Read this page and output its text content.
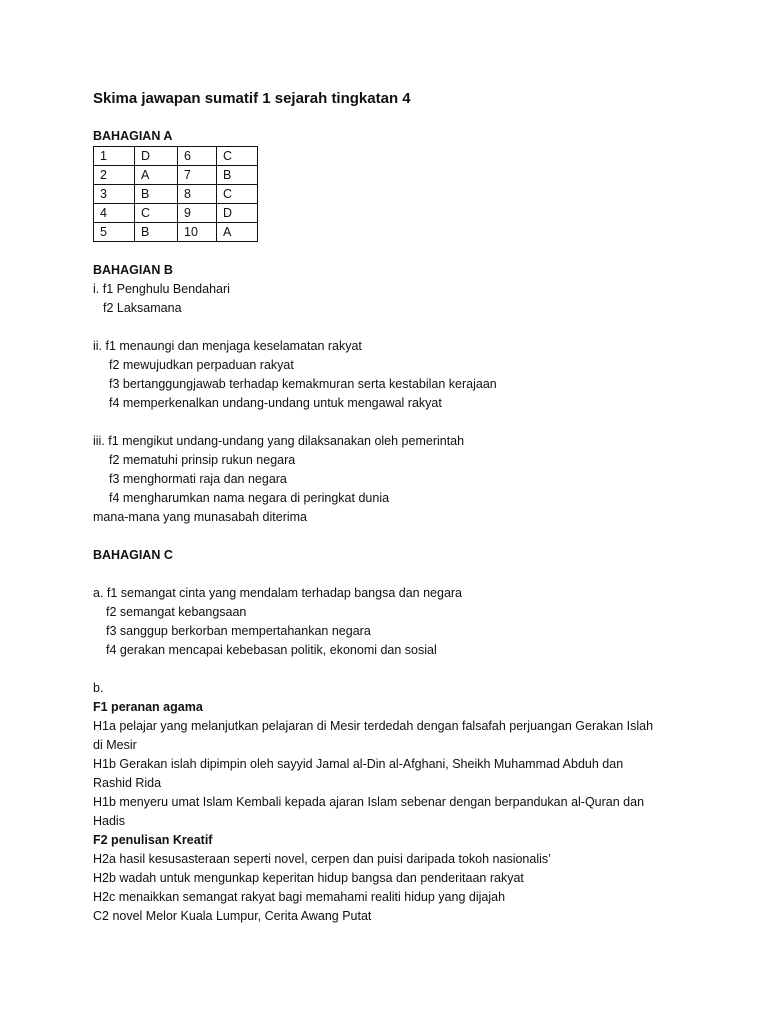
Skima jawapan sumatif 1 sejarah tingkatan 4
BAHAGIAN A
1	D	6	C
2	A	7	B
3	B	8	C
4	C	9	D
5	B	10	A
BAHAGIAN B
i. f1 Penghulu Bendahari
f2 Laksamana
ii. f1 menaungi dan menjaga keselamatan rakyat
f2 mewujudkan perpaduan rakyat
f3 bertanggungjawab terhadap kemakmuran serta kestabilan kerajaan
f4 memperkenalkan undang-undang untuk mengawal rakyat
iii. f1 mengikut undang-undang yang dilaksanakan oleh pemerintah
f2 mematuhi prinsip rukun negara
f3 menghormati raja dan negara
f4 mengharumkan nama negara di peringkat dunia
mana-mana yang munasabah diterima
BAHAGIAN C
a. f1 semangat cinta yang mendalam terhadap bangsa dan negara
f2 semangat kebangsaan
f3 sanggup berkorban mempertahankan negara
f4 gerakan mencapai kebebasan politik, ekonomi dan sosial
b.
F1 peranan agama
H1a pelajar yang melanjutkan pelajaran di Mesir terdedah dengan falsafah perjuangan Gerakan Islah
di Mesir
H1b Gerakan islah dipimpin oleh sayyid Jamal al-Din al-Afghani, Sheikh Muhammad Abduh dan
Rashid Rida
H1b menyeru umat Islam Kembali kepada ajaran Islam sebenar dengan berpandukan al-Quran dan
Hadis
F2 penulisan Kreatif
H2a hasil kesusasteraan seperti novel, cerpen dan puisi daripada tokoh nasionalis’
H2b wadah untuk mengunkap keperitan hidup bangsa dan penderitaan rakyat
H2c menaikkan semangat rakyat bagi memahami realiti hidup yang dijajah
C2 novel Melor Kuala Lumpur, Cerita Awang Putat
